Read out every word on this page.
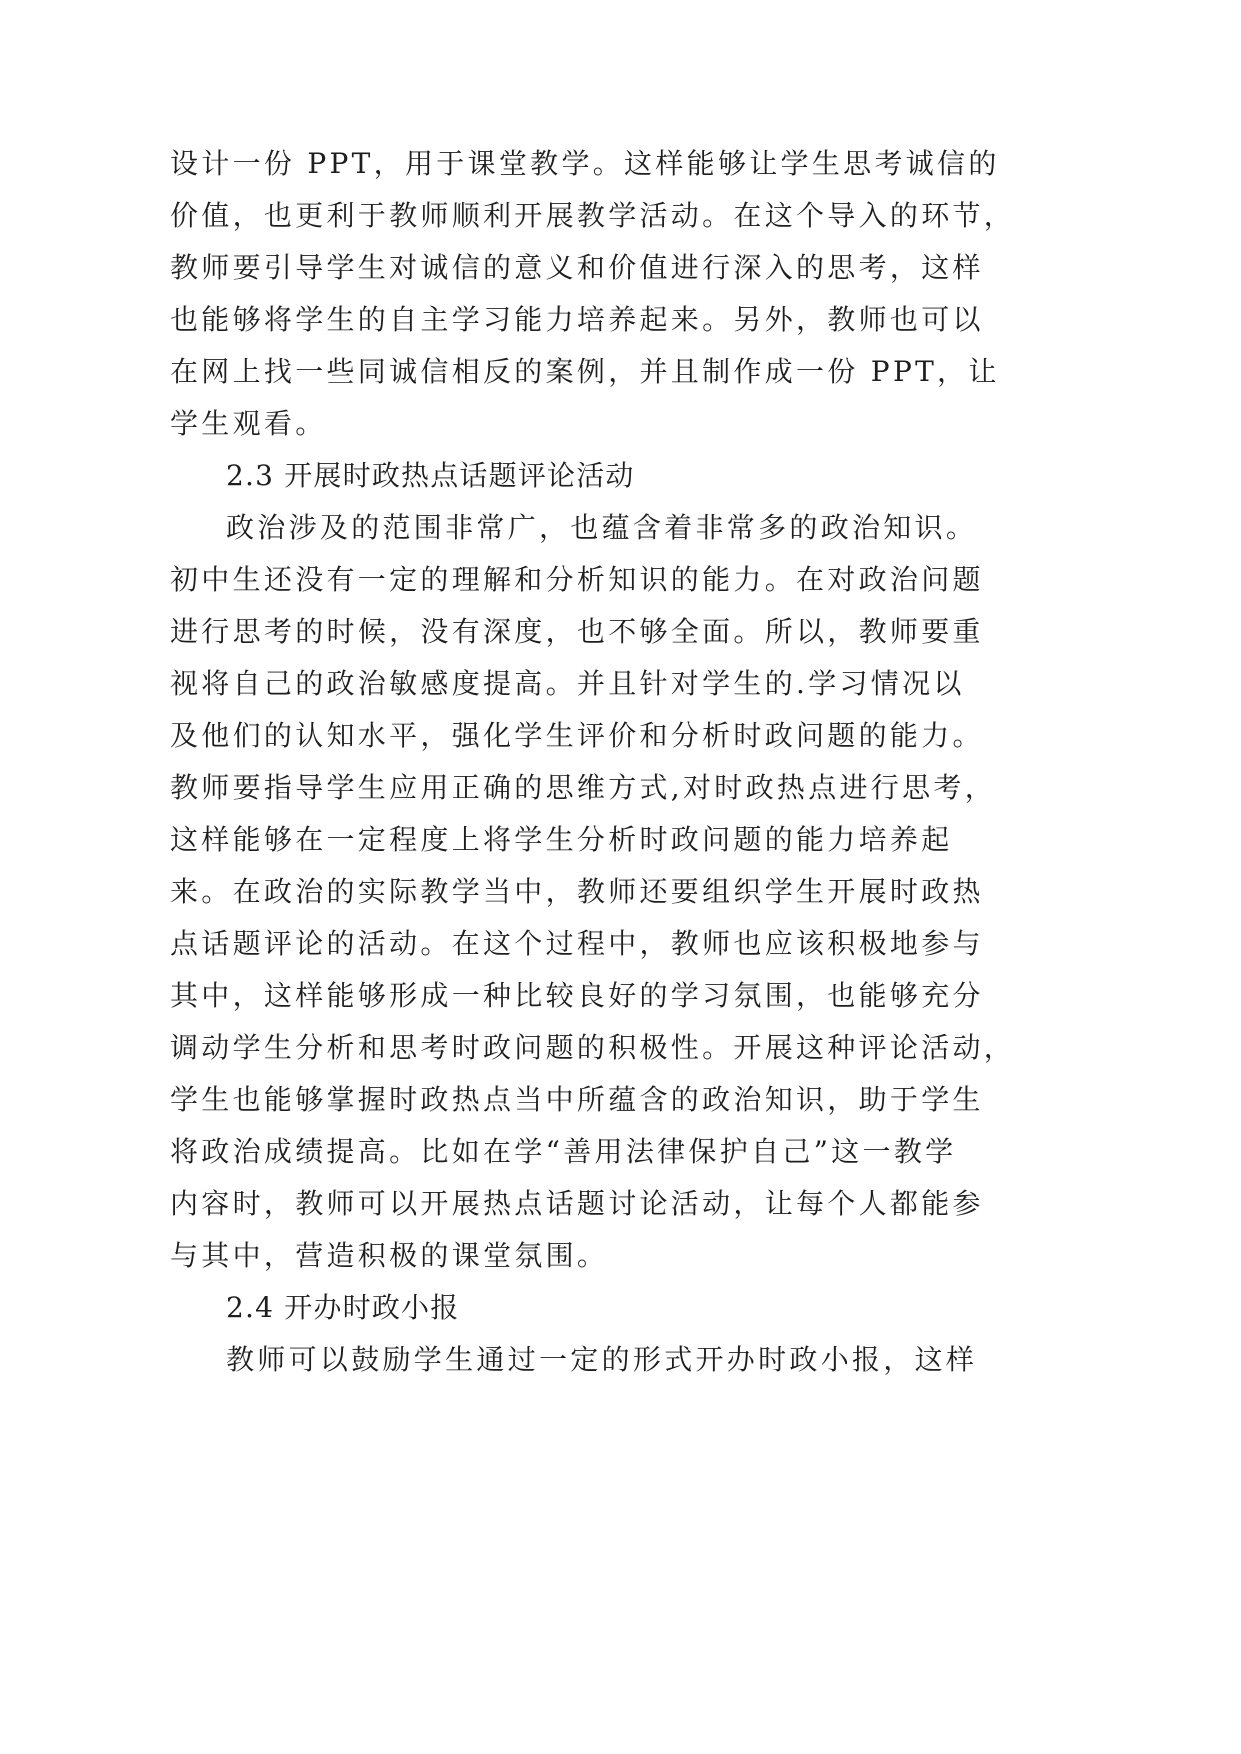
设计一份 PPT，用于课堂教学。这样能够让学生思考诚信的
价值，也更利于教师顺利开展教学活动。在这个导入的环节，
教师要引导学生对诚信的意义和价值进行深入的思考，这样
也能够将学生的自主学习能力培养起来。另外，教师也可以
在网上找一些同诚信相反的案例，并且制作成一份 PPT，让
学生观看。
2.3 开展时政热点话题评论活动
政治涉及的范围非常广，也蕴含着非常多的政治知识。
初中生还没有一定的理解和分析知识的能力。在对政治问题
进行思考的时候，没有深度，也不够全面。所以，教师要重
视将自己的政治敏感度提高。并且针对学生的.学习情况以
及他们的认知水平，强化学生评价和分析时政问题的能力。
教师要指导学生应用正确的思维方式,对时政热点进行思考，
这样能够在一定程度上将学生分析时政问题的能力培养起
来。在政治的实际教学当中，教师还要组织学生开展时政热
点话题评论的活动。在这个过程中，教师也应该积极地参与
其中，这样能够形成一种比较良好的学习氛围，也能够充分
调动学生分析和思考时政问题的积极性。开展这种评论活动，
学生也能够掌握时政热点当中所蕴含的政治知识，助于学生
将政治成绩提高。比如在学“善用法律保护自己”这一教学
内容时，教师可以开展热点话题讨论活动，让每个人都能参
与其中，营造积极的课堂氛围。
2.4 开办时政小报
教师可以鼓励学生通过一定的形式开办时政小报，这样
